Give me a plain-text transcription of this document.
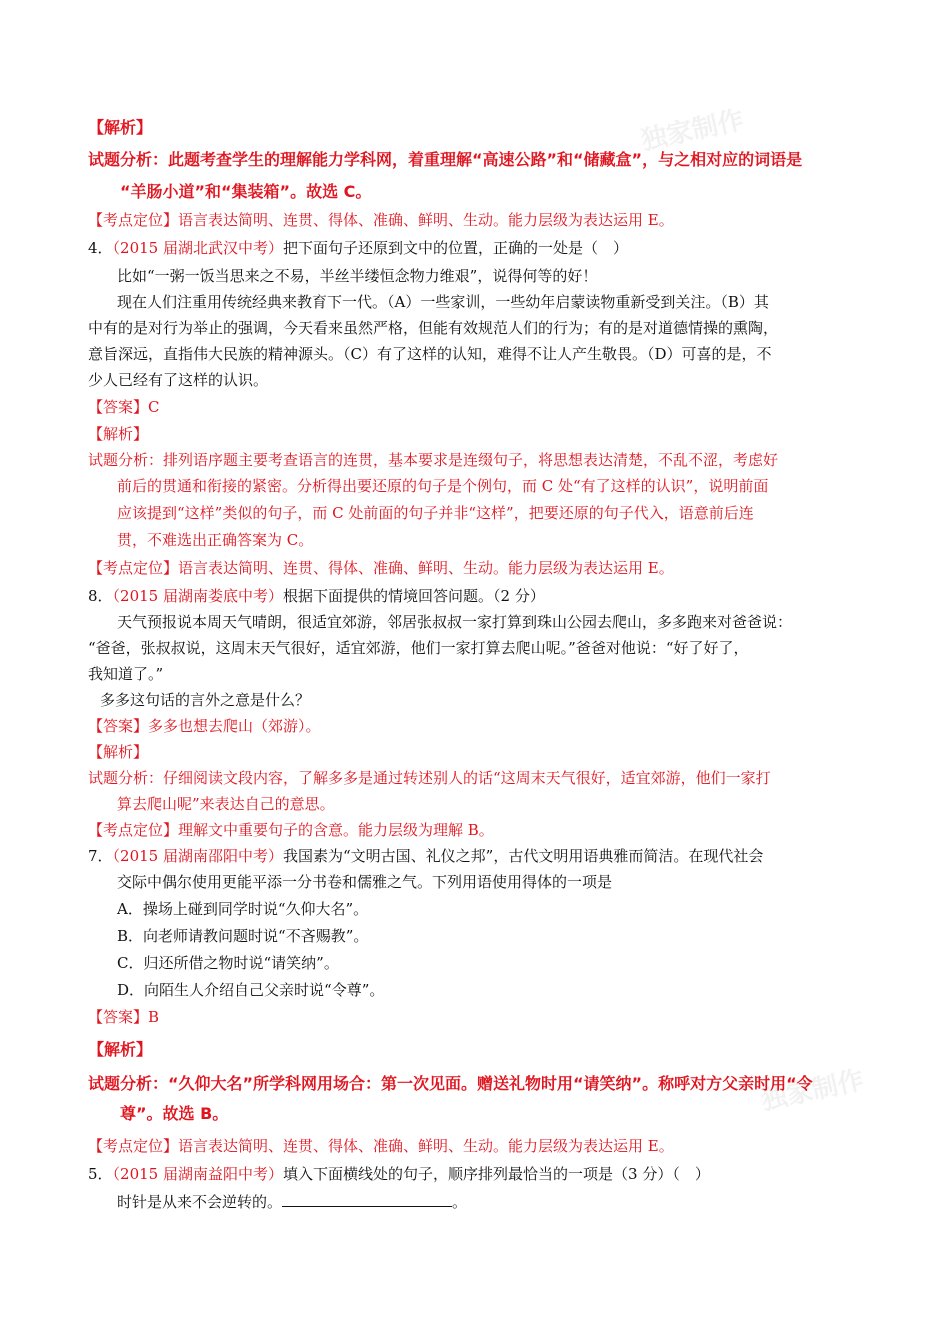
独家制作
独家制作
【解析】
试题分析：此题考查学生的理解能力学科网，着重理解“高速公路”和“储藏盒”，与之相对应的词语是
“羊肠小道”和“集装箱”。故选 C。
【考点定位】语言表达简明、连贯、得体、准确、鲜明、生动。能力层级为表达运用 E。
4．（2015 届湖北武汉中考）把下面句子还原到文中的位置，正确的一处是（　）
比如“一粥一饭当思来之不易，半丝半缕恒念物力维艰”，说得何等的好！
现在人们注重用传统经典来教育下一代。（A）一些家训，一些幼年启蒙读物重新受到关注。（B）其
中有的是对行为举止的强调，今天看来虽然严格，但能有效规范人们的行为；有的是对道德情操的熏陶，
意旨深远，直指伟大民族的精神源头。（C）有了这样的认知，难得不让人产生敬畏。（D）可喜的是，不
少人已经有了这样的认识。
【答案】C
【解析】
试题分析：排列语序题主要考查语言的连贯，基本要求是连缀句子，将思想表达清楚，不乱不涩，考虑好
前后的贯通和衔接的紧密。分析得出要还原的句子是个例句，而 C 处“有了这样的认识”，说明前面
应该提到“这样”类似的句子，而 C 处前面的句子并非“这样”，把要还原的句子代入，语意前后连
贯，不难选出正确答案为 C。
【考点定位】语言表达简明、连贯、得体、准确、鲜明、生动。能力层级为表达运用 E。
8．（2015 届湖南娄底中考）根据下面提供的情境回答问题。（2 分）
天气预报说本周天气晴朗，很适宜郊游，邻居张叔叔一家打算到珠山公园去爬山，多多跑来对爸爸说：
“爸爸，张叔叔说，这周末天气很好，适宜郊游，他们一家打算去爬山呢。”爸爸对他说：“好了好了，
我知道了。”
多多这句话的言外之意是什么？
【答案】多多也想去爬山（郊游）。
【解析】
试题分析：仔细阅读文段内容，了解多多是通过转述别人的话“这周末天气很好，适宜郊游，他们一家打
算去爬山呢”来表达自己的意思。
【考点定位】理解文中重要句子的含意。能力层级为理解 B。
7．（2015 届湖南邵阳中考）我国素为“文明古国、礼仪之邦”，古代文明用语典雅而简洁。在现代社会
交际中偶尔使用更能平添一分书卷和儒雅之气。下列用语使用得体的一项是
A．操场上碰到同学时说“久仰大名”。
B．向老师请教问题时说“不吝赐教”。
C．归还所借之物时说“请笑纳”。
D．向陌生人介绍自己父亲时说“令尊”。
【答案】B
【解析】
试题分析：“久仰大名”所学科网用场合：第一次见面。赠送礼物时用“请笑纳”。称呼对方父亲时用“令
尊”。故选 B。
【考点定位】语言表达简明、连贯、得体、准确、鲜明、生动。能力层级为表达运用 E。
5．（2015 届湖南益阳中考）填入下面横线处的句子，顺序排列最恰当的一项是（3 分）（　）
时针是从来不会逆转的。	。
